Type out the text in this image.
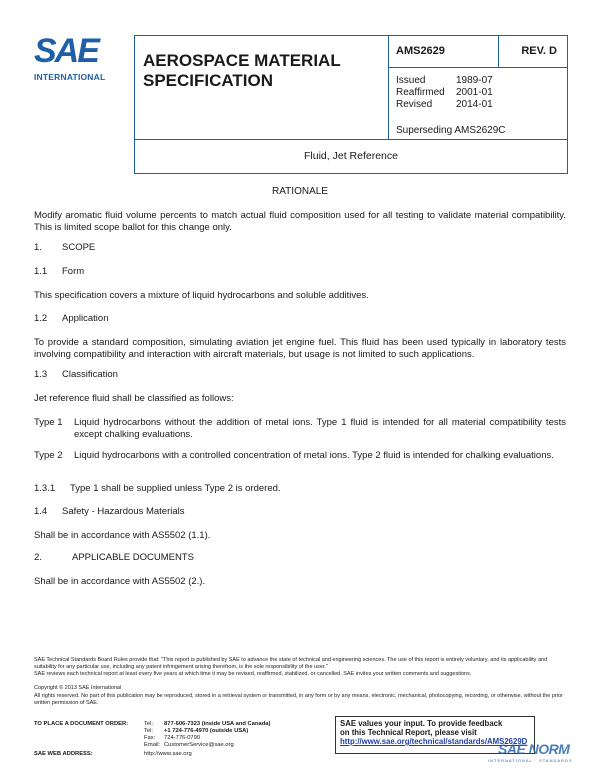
SAE
INTERNATIONAL
AEROSPACE MATERIAL
SPECIFICATION
AMS2629	REV. D
Issued	1989-07
Reaffirmed 2001-01
Revised 2014-01
Superseding AMS2629C
Fluid, Jet Reference
RATIONALE
Modify aromatic fluid volume percents to match actual fluid composition used for all testing to validate material compatibility. This is limited scope ballot for this change only.
1. SCOPE
1.1 Form
This specification covers a mixture of liquid hydrocarbons and soluble additives.
1.2 Application
To provide a standard composition, simulating aviation jet engine fuel. This fluid has been used typically in laboratory tests involving compatibility and interaction with aircraft materials, but usage is not limited to such applications.
1.3 Classification
Jet reference fluid shall be classified as follows:
Type 1	Liquid hydrocarbons without the addition of metal ions. Type 1 fluid is intended for all material compatibility tests except chalking evaluations.
Type 2	Liquid hydrocarbons with a controlled concentration of metal ions. Type 2 fluid is intended for chalking evaluations.
1.3.1 Type 1 shall be supplied unless Type 2 is ordered.
1.4 Safety - Hazardous Materials
Shall be in accordance with AS5502 (1.1).
2.	APPLICABLE DOCUMENTS
Shall be in accordance with AS5502 (2.).
SAE Technical Standards Board Rules provide that: "This report is published by SAE to advance the state of technical and engineering sciences. The use of this report is entirely voluntary, and its applicability and suitability for any particular use, including any patent infringement arising therefrom, is the sole responsibility of the user."
SAE reviews each technical report at least every five years at which time it may be revised, reaffirmed, stabilized, or cancelled. SAE invites your written comments and suggestions.
Copyright © 2013 SAE International
All rights reserved. No part of this publication may be reproduced, stored in a retrieval system or transmitted, in any form or by any means, electronic, mechanical, photocopying, recording, or otherwise, without the prior written permission of SAE.
TO PLACE A DOCUMENT ORDER:	Tel: 877-606-7323 (inside USA and Canada)
Tel: +1 724-776-4970 (outside USA)
Fax: 724-776-0790
Email: CustomerService@sae.org
SAE WEB ADDRESS:	http://www.sae.org
SAE values your input. To provide feedback
on this Technical Report, please visit
http://www.sae.org/technical/standards/AMS2629D
SAE NORM
INTERNATIONAL · STANDARDS
